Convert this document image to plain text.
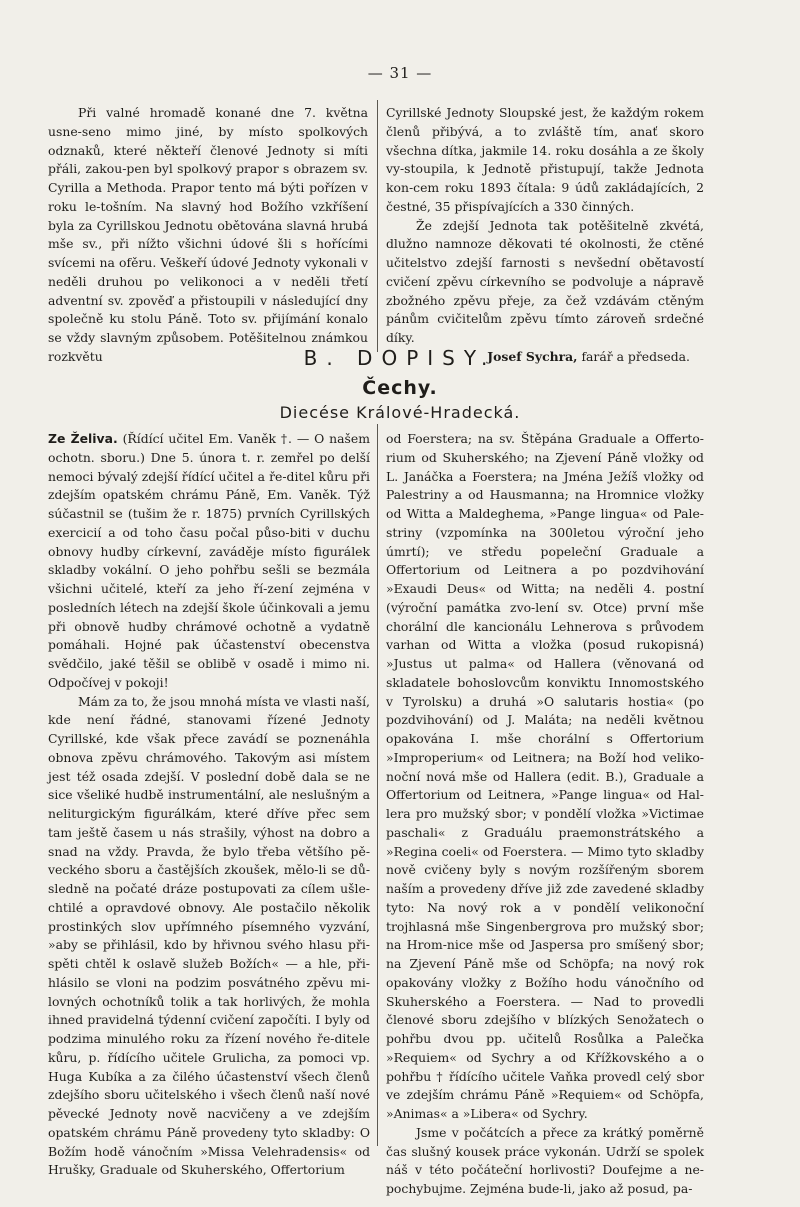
— 31 —

Při valné hromadě konané dne 7. května usne-seno mimo jiné, by místo spolkových odznaků, které někteří členové Jednoty si míti přáli, zakou-pen byl spolkový prapor s obrazem sv. Cyrilla a Methoda. Prapor tento má býti pořízen v roku le-tošním. Na slavný hod Božího vzkříšení byla za Cyrillskou Jednotu obětována slavná hrubá mše sv., při nížto všichni údové šli s hořícími svícemi na ofěru. Veškeří údové Jednoty vykonali v neděli druhou po velikonoci a v neděli třetí adventní sv. zpověď a přistoupili v následující dny společně ku stolu Páně. Toto sv. přijímání konalo se vždy slavným způsobem. Potěšitelnou známkou rozkvětu

Cyrillské Jednoty Sloupské jest, že každým rokem členů přibývá, a to zvláště tím, anať skoro všechna dítka, jakmile 14. roku dosáhla a ze školy vy-stoupila, k Jednotě přistupují, takže Jednota kon-cem roku 1893 čítala: 9 údů zakládajících, 2 čestné, 35 přispívajících a 330 činných.

Že zdejší Jednota tak potěšitelně zkvétá, dlužno namnoze děkovati té okolnosti, že ctěné učitelstvo zdejší farnosti s nevšední obětavostí cvičení zpěvu církevního se podvoluje a nápravě zbožného zpěvu přeje, za čež vzdávám ctěným pánům cvičitelům zpěvu tímto zároveň srdečné díky.

Josef Sychra, farář a předseda.

B. DOPISY.
Čechy.
Diecése Králové-Hradecká.

Ze Želiva. (Řídící učitel Em. Vaněk †. — O našem ochotn. sboru.) Dne 5. února t. r. zemřel po delší nemoci bývalý zdejší řídící učitel a ře-ditel kůru při zdejším opatském chrámu Páně, Em. Vaněk. Týž súčastnil se (tušim že r. 1875) prvních Cyrillských exercicií a od toho času počal půso-biti v duchu obnovy hudby církevní, zaváděje místo figurálek skladby vokální. O jeho pohřbu sešli se bezmála všichni učitelé, kteří za jeho ří-zení zejména v posledních létech na zdejší škole účinkovali a jemu při obnově hudby chrámové ochotně a vydatně pomáhali. Hojné pak účastenství obecenstva svědčilo, jaké těšil se oblibě v osadě i mimo ni. Odpočívej v pokoji!

Mám za to, že jsou mnohá místa ve vlasti naší, kde není řádné, stanovami řízené Jednoty Cyrillské, kde však přece zavádí se poznenáhla obnova zpěvu chrámového. Takovým asi místem jest též osada zdejší. V poslední době dala se ne sice všeliké hudbě instrumentální, ale neslušným a neliturgickým figurálkám, které dříve přec sem tam ještě časem u nás strašily, výhost na dobro a snad na vždy. Pravda, že bylo třeba většího pě-veckého sboru a častějších zkoušek, mělo-li se dů-sledně na počaté dráze postupovati za cílem ušle-chtilé a opravdové obnovy. Ale postačilo několik prostinkých slov upřímného písemného vyzvání, »aby se přihlásil, kdo by hřivnou svého hlasu při-spěti chtěl k oslavě služeb Božích« — a hle, při-hlásilo se vloni na podzim posvátného zpěvu mi-lovných ochotníků tolik a tak horlivých, že mohla ihned pravidelná týdenní cvičení započíti. I byly od podzima minulého roku za řízení nového ře-ditele kůru, p. řídícího učitele Grulicha, za pomoci vp. Huga Kubíka a za čilého účastenství všech členů zdejšího sboru učitelského i všech členů naší nové pěvecké Jednoty nově nacvičeny a ve zdejším opatském chrámu Páně provedeny tyto skladby: O Božím hodě vánočním »Missa Velehradensis« od Hrušky, Graduale od Skuherského, Offertorium

od Foerstera; na sv. Štěpána Graduale a Offerto-rium od Skuherského; na Zjevení Páně vložky od L. Janáčka a Foerstera; na Jména Ježíš vložky od Palestriny a od Hausmanna; na Hromnice vložky od Witta a Maldeghema, »Pange lingua« od Pale-striny (vzpomínka na 300letou výroční jeho úmrtí); ve středu popeleční Graduale a Offertorium od Leitnera a po pozdvihování »Exaudi Deus« od Witta; na neděli 4. postní (výroční památka zvo-lení sv. Otce) první mše chorální dle kancionálu Lehnerova s průvodem varhan od Witta a vložka (posud rukopisná) »Justus ut palma« od Hallera (věnovaná od skladatele bohoslovcům konviktu Innomostského v Tyrolsku) a druhá »O salutaris hostia« (po pozdvihování) od J. Maláta; na neděli květnou opakována I. mše chorální s Offertorium »Improperium« od Leitnera; na Boží hod veliko-noční nová mše od Hallera (edit. B.), Graduale a Offertorium od Leitnera, »Pange lingua« od Hal-lera pro mužský sbor; v pondělí vložka »Victimae paschali« z Graduálu praemonstrátského a »Regina coeli« od Foerstera. — Mimo tyto skladby nově cvičeny byly s novým rozšířeným sborem naším a provedeny dříve již zde zavedené skladby tyto: Na nový rok a v pondělí velikonoční trojhlasná mše Singenbergrova pro mužský sbor; na Hrom-nice mše od Jaspersa pro smíšený sbor; na Zjevení Páně mše od Schöpfa; na nový rok opakovány vložky z Božího hodu vánočního od Skuherského a Foerstera. — Nad to provedli členové sboru zdejšího v blízkých Senožatech o pohřbu dvou pp. učitelů Rosůlka a Palečka »Requiem« od Sychry a od Křížkovského a o pohřbu † řídícího učitele Vaňka provedl celý sbor ve zdejším chrámu Páně »Requiem« od Schöpfa, »Animas« a »Libera« od Sychry.

Jsme v počátcích a přece za krátký poměrně čas slušný kousek práce vykonán. Udrží se spolek náš v této počáteční horlivosti? Doufejme a ne-pochybujme. Zejména bude-li, jako až posud, pa-
